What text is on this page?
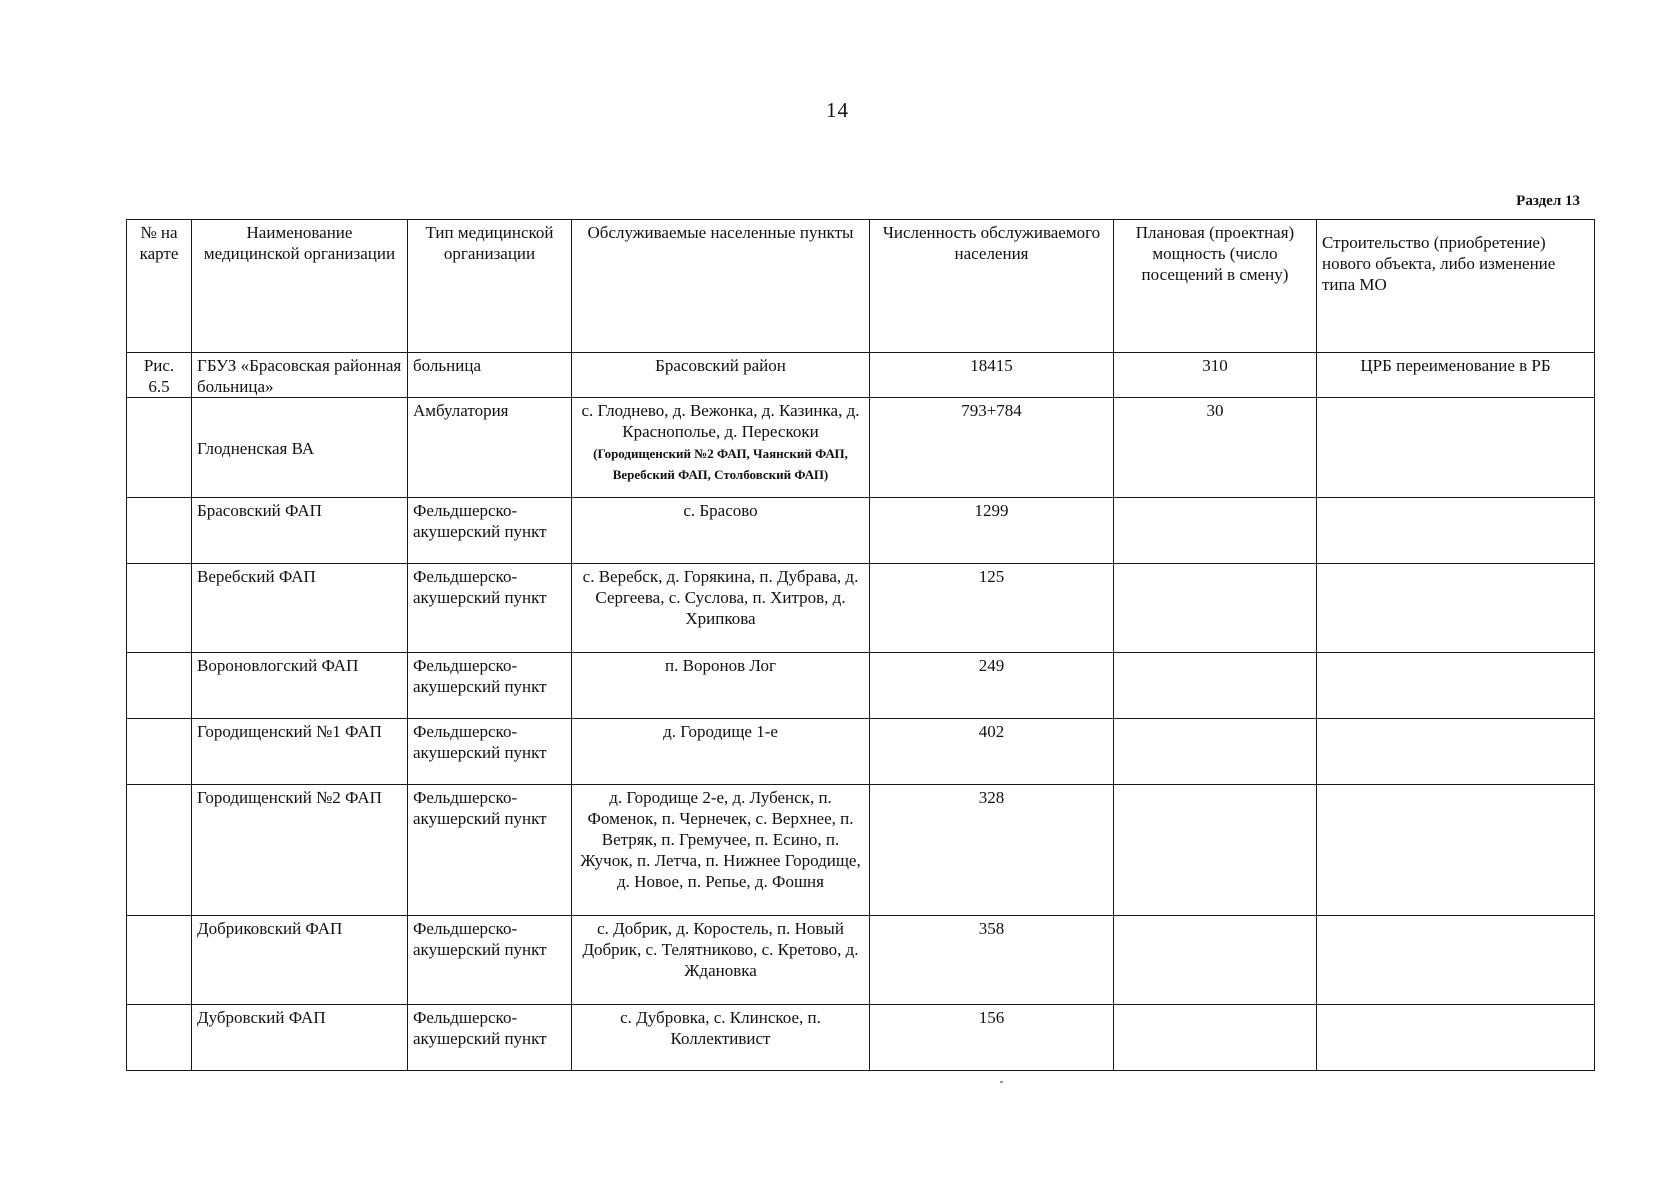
14
Раздел 13
№ на карте	Наименование медицинской организации	Тип медицинской организации	Обслуживаемые населенные пункты	Численность обслуживаемого населения	Плановая (проектная) мощность (число посещений в смену)	Строительство (приобретение) нового объекта, либо изменение типа МО
Рис. 6.5	ГБУЗ «Брасовская районная больница»	больница	Брасовский район	18415	310	ЦРБ переименование в РБ
	Глодненская ВА	Амбулатория	с. Глоднево, д. Вежонка, д. Казинка, д. Краснополье, д. Перескоки (Городищенский №2 ФАП, Чаянский ФАП, Веребский ФАП, Столбовский ФАП)	793+784	30	
	Брасовский ФАП	Фельдшерско-акушерский пункт	с. Брасово	1299		
	Веребский ФАП	Фельдшерско-акушерский пункт	с. Веребск, д. Горякина, п. Дубрава, д. Сергеева, с. Суслова, п. Хитров, д. Хрипкова	125		
	Вороновлогский ФАП	Фельдшерско-акушерский пункт	п. Воронов Лог	249		
	Городищенский №1 ФАП	Фельдшерско-акушерский пункт	д. Городище 1-е	402		
	Городищенский №2 ФАП	Фельдшерско-акушерский пункт	д. Городище 2-е, д. Лубенск, п. Фоменок, п. Чернечек, с. Верхнее, п. Ветряк, п. Гремучее, п. Есино, п. Жучок, п. Летча, п. Нижнее Городище, д. Новое, п. Репье, д. Фошня	328		
	Добриковский ФАП	Фельдшерско-акушерский пункт	с. Добрик, д. Коростель, п. Новый Добрик, с. Телятниково, с. Кретово, д. Ждановка	358		
	Дубровский ФАП	Фельдшерско-акушерский пункт	с. Дубровка, с. Клинское, п. Коллективист	156		
